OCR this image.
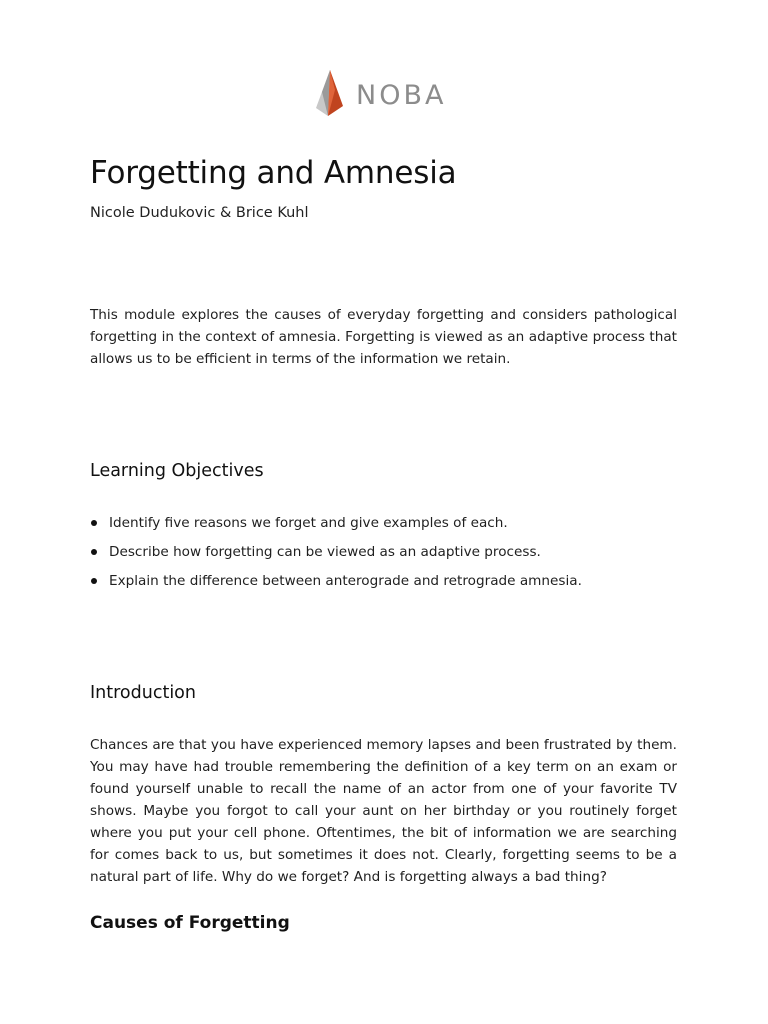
NOBA
Forgetting and Amnesia
Nicole Dudukovic & Brice Kuhl

This module explores the causes of everyday forgetting and considers pathological forgetting in the context of amnesia. Forgetting is viewed as an adaptive process that allows us to be efficient in terms of the information we retain.

Learning Objectives
Identify five reasons we forget and give examples of each.
Describe how forgetting can be viewed as an adaptive process.
Explain the difference between anterograde and retrograde amnesia.
Introduction

Chances are that you have experienced memory lapses and been frustrated by them. You may have had trouble remembering the definition of a key term on an exam or found yourself unable to recall the name of an actor from one of your favorite TV shows. Maybe you forgot to call your aunt on her birthday or you routinely forget where you put your cell phone. Oftentimes, the bit of information we are searching for comes back to us, but sometimes it does not. Clearly, forgetting seems to be a natural part of life. Why do we forget? And is forgetting always a bad thing?

Causes of Forgetting
